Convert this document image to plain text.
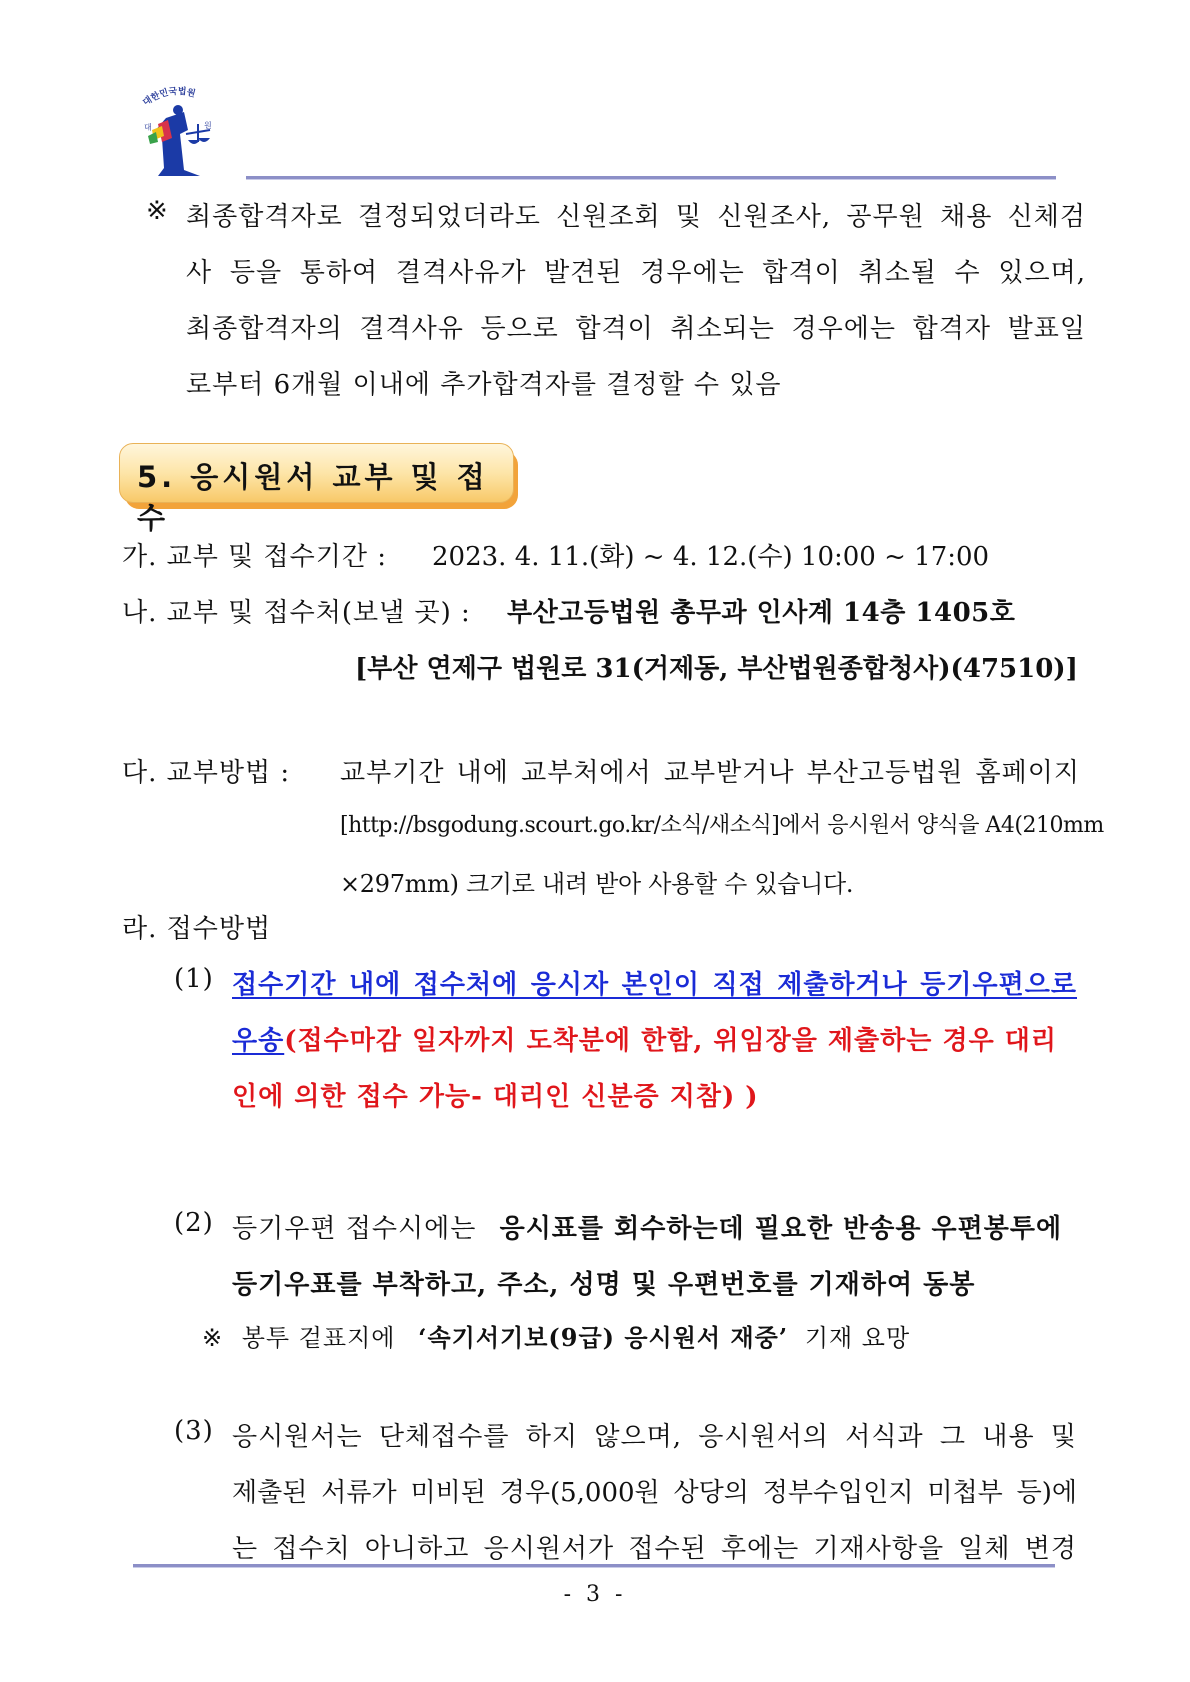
대한민국법원
대	원
※ 최종합격자로 결정되었더라도 신원조회 및 신원조사, 공무원 채용 신체검
사 등을 통하여 결격사유가 발견된 경우에는 합격이 취소될 수 있으며,
최종합격자의 결격사유 등으로 합격이 취소되는 경우에는 합격자 발표일
로부터 6개월 이내에 추가합격자를 결정할 수 있음
5. 응시원서 교부 및 접수
가. 교부 및 접수기간 : 2023. 4. 11.(화) ~ 4. 12.(수) 10:00 ~ 17:00
나. 교부 및 접수처(보낼 곳) : 부산고등법원 총무과 인사계 14층 1405호
[부산 연제구 법원로 31(거제동, 부산법원종합청사)(47510)]
다. 교부방법 : 교부기간 내에 교부처에서 교부받거나 부산고등법원 홈페이지
[http://bsgodung.scourt.go.kr/소식/새소식]에서 응시원서 양식을 A4(210mm
×297mm) 크기로 내려 받아 사용할 수 있습니다.
라. 접수방법
(1) 접수기간 내에 접수처에 응시자 본인이 직접 제출하거나 등기우편으로
우송(접수마감 일자까지 도착분에 한함, 위임장을 제출하는 경우 대리
인에 의한 접수 가능- 대리인 신분증 지참) )
(2) 등기우편 접수시에는 응시표를 회수하는데 필요한 반송용 우편봉투에
등기우표를 부착하고, 주소, 성명 및 우편번호를 기재하여 동봉
※ 봉투 겉표지에 ‘속기서기보(9급) 응시원서 재중’ 기재 요망
(3) 응시원서는 단체접수를 하지 않으며, 응시원서의 서식과 그 내용 및
제출된 서류가 미비된 경우(5,000원 상당의 정부수입인지 미첩부 등)에
는 접수치 아니하고 응시원서가 접수된 후에는 기재사항을 일체 변경
- 3 -
